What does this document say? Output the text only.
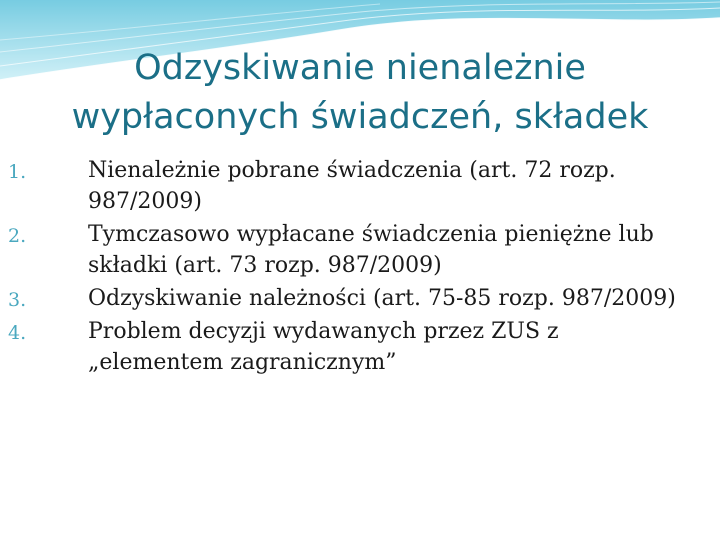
Odzyskiwanie nienależnie
wypłaconych świadczeń, składek
1.	Nienależnie pobrane świadczenia (art. 72 rozp.
987/2009)
2.	Tymczasowo wypłacane świadczenia pieniężne lub
składki (art. 73 rozp. 987/2009)
3.	Odzyskiwanie należności (art. 75-85 rozp. 987/2009)
4.	Problem decyzji wydawanych przez ZUS z
„elementem zagranicznym”
